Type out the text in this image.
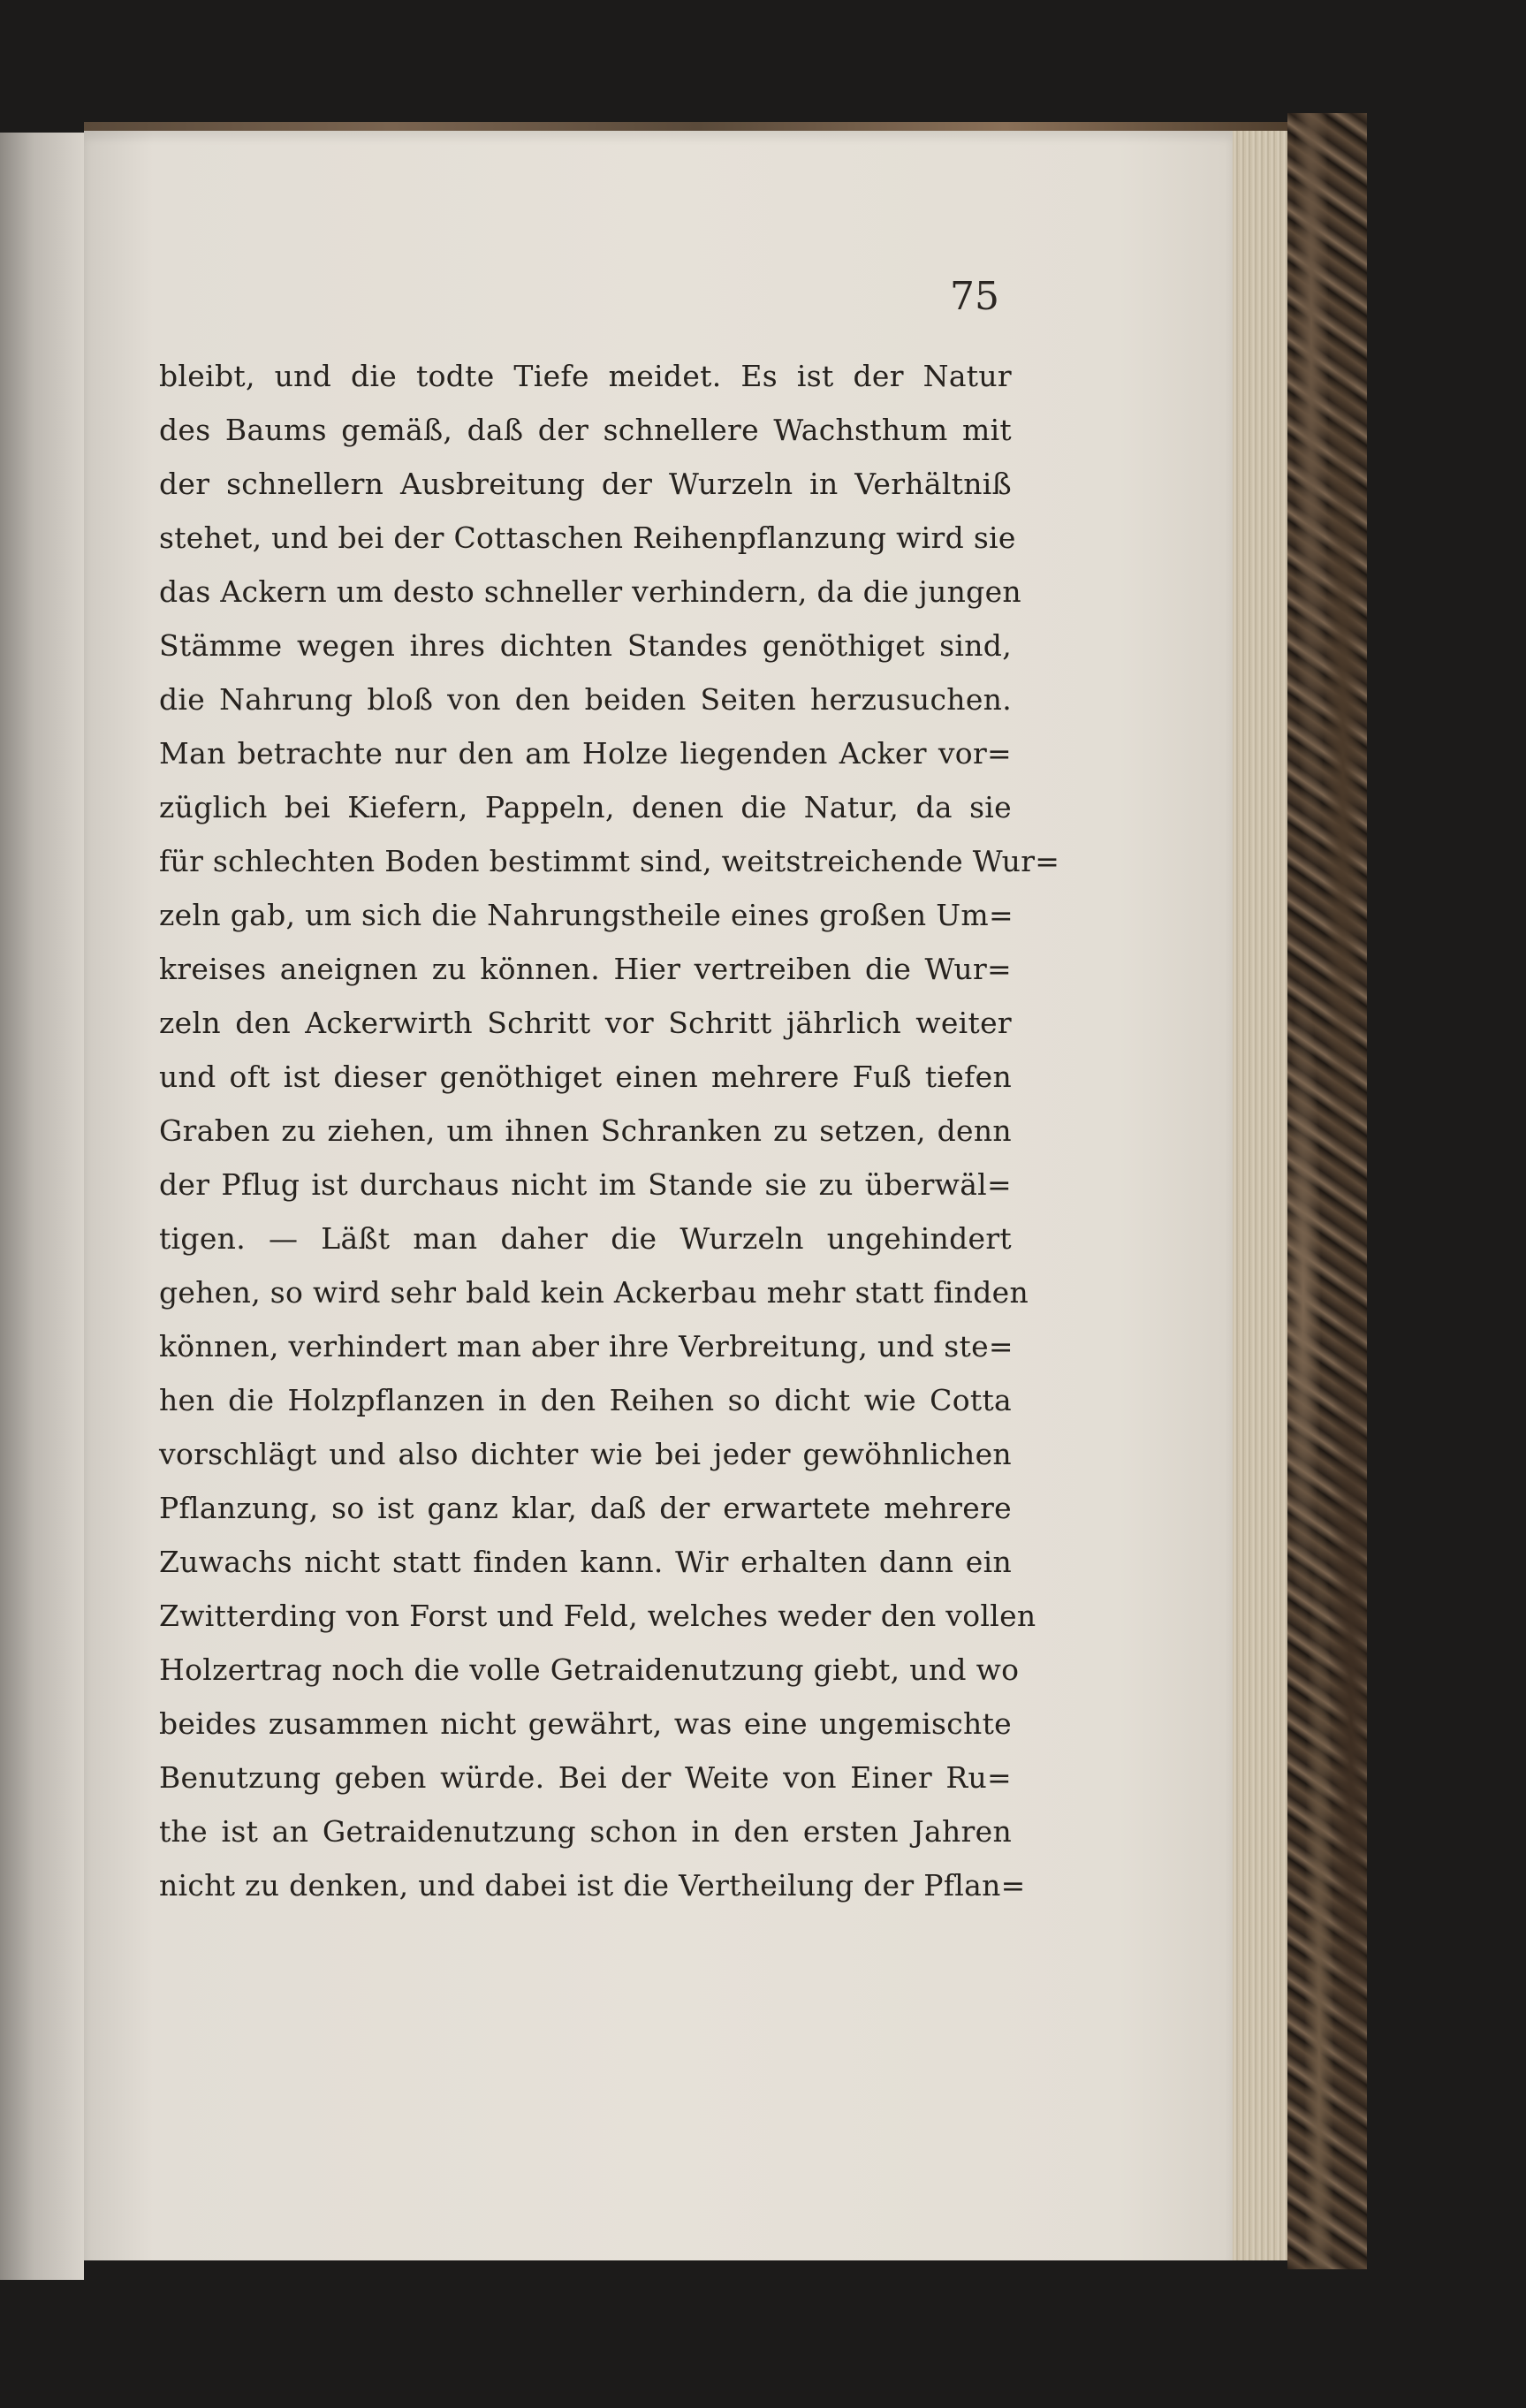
75
bleibt, und die todte Tiefe meidet. Es ist der Natur
des Baums gemäß, daß der schnellere Wachsthum mit
der schnellern Ausbreitung der Wurzeln in Verhältniß
stehet, und bei der Cottaschen Reihenpflanzung wird sie
das Ackern um desto schneller verhindern, da die jungen
Stämme wegen ihres dichten Standes genöthiget sind,
die Nahrung bloß von den beiden Seiten herzusuchen.
Man betrachte nur den am Holze liegenden Acker vor=
züglich bei Kiefern, Pappeln, denen die Natur, da sie
für schlechten Boden bestimmt sind, weitstreichende Wur=
zeln gab, um sich die Nahrungstheile eines großen Um=
kreises aneignen zu können. Hier vertreiben die Wur=
zeln den Ackerwirth Schritt vor Schritt jährlich weiter
und oft ist dieser genöthiget einen mehrere Fuß tiefen
Graben zu ziehen, um ihnen Schranken zu setzen, denn
der Pflug ist durchaus nicht im Stande sie zu überwäl=
tigen. — Läßt man daher die Wurzeln ungehindert
gehen, so wird sehr bald kein Ackerbau mehr statt finden
können, verhindert man aber ihre Verbreitung, und ste=
hen die Holzpflanzen in den Reihen so dicht wie Cotta
vorschlägt und also dichter wie bei jeder gewöhnlichen
Pflanzung, so ist ganz klar, daß der erwartete mehrere
Zuwachs nicht statt finden kann. Wir erhalten dann ein
Zwitterding von Forst und Feld, welches weder den vollen
Holzertrag noch die volle Getraidenutzung giebt, und wo
beides zusammen nicht gewährt, was eine ungemischte
Benutzung geben würde. Bei der Weite von Einer Ru=
the ist an Getraidenutzung schon in den ersten Jahren
nicht zu denken, und dabei ist die Vertheilung der Pflan=
